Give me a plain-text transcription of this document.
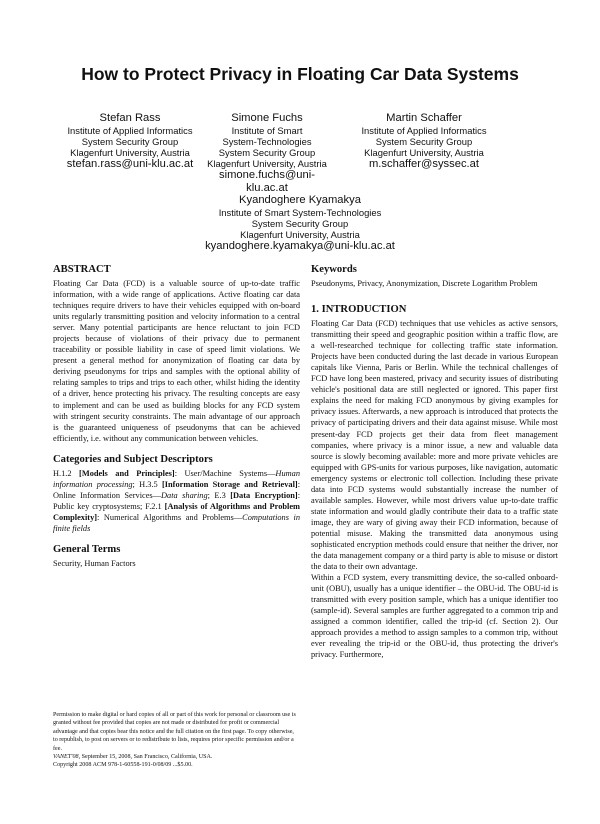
How to Protect Privacy in Floating Car Data Systems
Stefan Rass
Institute of Applied Informatics
System Security Group
Klagenfurt University, Austria
stefan.rass@uni-klu.ac.at
Simone Fuchs
Institute of Smart
System-Technologies
System Security Group
Klagenfurt University, Austria
simone.fuchs@uni-klu.ac.at
Martin Schaffer
Institute of Applied Informatics
System Security Group
Klagenfurt University, Austria
m.schaffer@syssec.at
Kyandoghere Kyamakya
Institute of Smart System-Technologies
System Security Group
Klagenfurt University, Austria
kyandoghere.kyamakya@uni-klu.ac.at
ABSTRACT

Floating Car Data (FCD) is a valuable source of up-to-date traffic information, with a wide range of applications. Active floating car data techniques require drivers to have their vehicles equipped with on-board units regularly transmitting position and velocity information to a central server. Many potential participants are hence reluctant to join FCD projects because of violations of their privacy due to permanent traceability or possible liability in case of speed limit violations. We present a general method for anonymization of floating car data by deriving pseudonyms for trips and samples with the optional ability of relating samples to trips and trips to each other, whilst hiding the identity of a driver, hence protecting his privacy. The resulting concepts are easy to implement and can be used as building blocks for any FCD system with stringent security constraints. The main advantage of our approach is the guaranteed uniqueness of pseudonyms that can be achieved efficiently, i.e. without any communication between vehicles.

Categories and Subject Descriptors

H.1.2 [Models and Principles]: User/Machine Systems—Human information processing; H.3.5 [Information Storage and Retrieval]: Online Information Services—Data sharing; E.3 [Data Encryption]: Public key cryptosystems; F.2.1 [Analysis of Algorithms and Problem Complexity]: Numerical Algorithms and Problems—Computations in finite fields

General Terms

Security, Human Factors

Permission to make digital or hard copies of all or part of this work for personal or classroom use is granted without fee provided that copies are not made or distributed for profit or commercial advantage and that copies bear this notice and the full citation on the first page. To copy otherwise, to republish, to post on servers or to redistribute to lists, requires prior specific permission and/or a fee.

VANET'08, September 15, 2008, San Francisco, California, USA.

Copyright 2008 ACM 978-1-60558-191-0/08/09 ...$5.00.

Keywords

Pseudonyms, Privacy, Anonymization, Discrete Logarithm Problem

1. INTRODUCTION

Floating Car Data (FCD) techniques that use vehicles as active sensors, transmitting their speed and geographic position within a traffic flow, are a well-researched technique for collecting traffic state information. Projects have been conducted during the last decade in various European capitals like Vienna, Paris or Berlin. While the technical challenges of FCD have long been mastered, privacy and security issues of distributing vehicle's positional data are still neglected or ignored. This paper first explains the need for making FCD anonymous by giving examples for privacy issues. Afterwards, a new approach is introduced that protects the privacy of participating drivers and their data against misuse. While most present-day FCD projects get their data from fleet management companies, where privacy is a minor issue, a new and valuable data source is slowly becoming available: more and more private vehicles are equipped with GPS-units for various purposes, like navigation, automatic emergency systems or electronic toll collection. Including these private data into FCD systems would substantially increase the number of available samples. However, while most drivers value up-to-date traffic state information and would gladly contribute their data to a traffic state image, they are wary of giving away their FCD information, because of potential misuse. Making the transmitted data anonymous using sophisticated encryption methods could ensure that neither the driver, nor the data management company or a third party is able to misuse or distort the data to their own advantage.

Within a FCD system, every transmitting device, the so-called onboard-unit (OBU), usually has a unique identifier – the OBU-id. The OBU-id is transmitted with every position sample, which has a unique identifier too (sample-id). Several samples are further aggregated to a common trip and assigned a common identifier, called the trip-id (cf. Section 2). Our approach provides a method to assign samples to a common trip, without ever revealing the trip-id or the OBU-id, thus protecting the driver's privacy. Furthermore,
